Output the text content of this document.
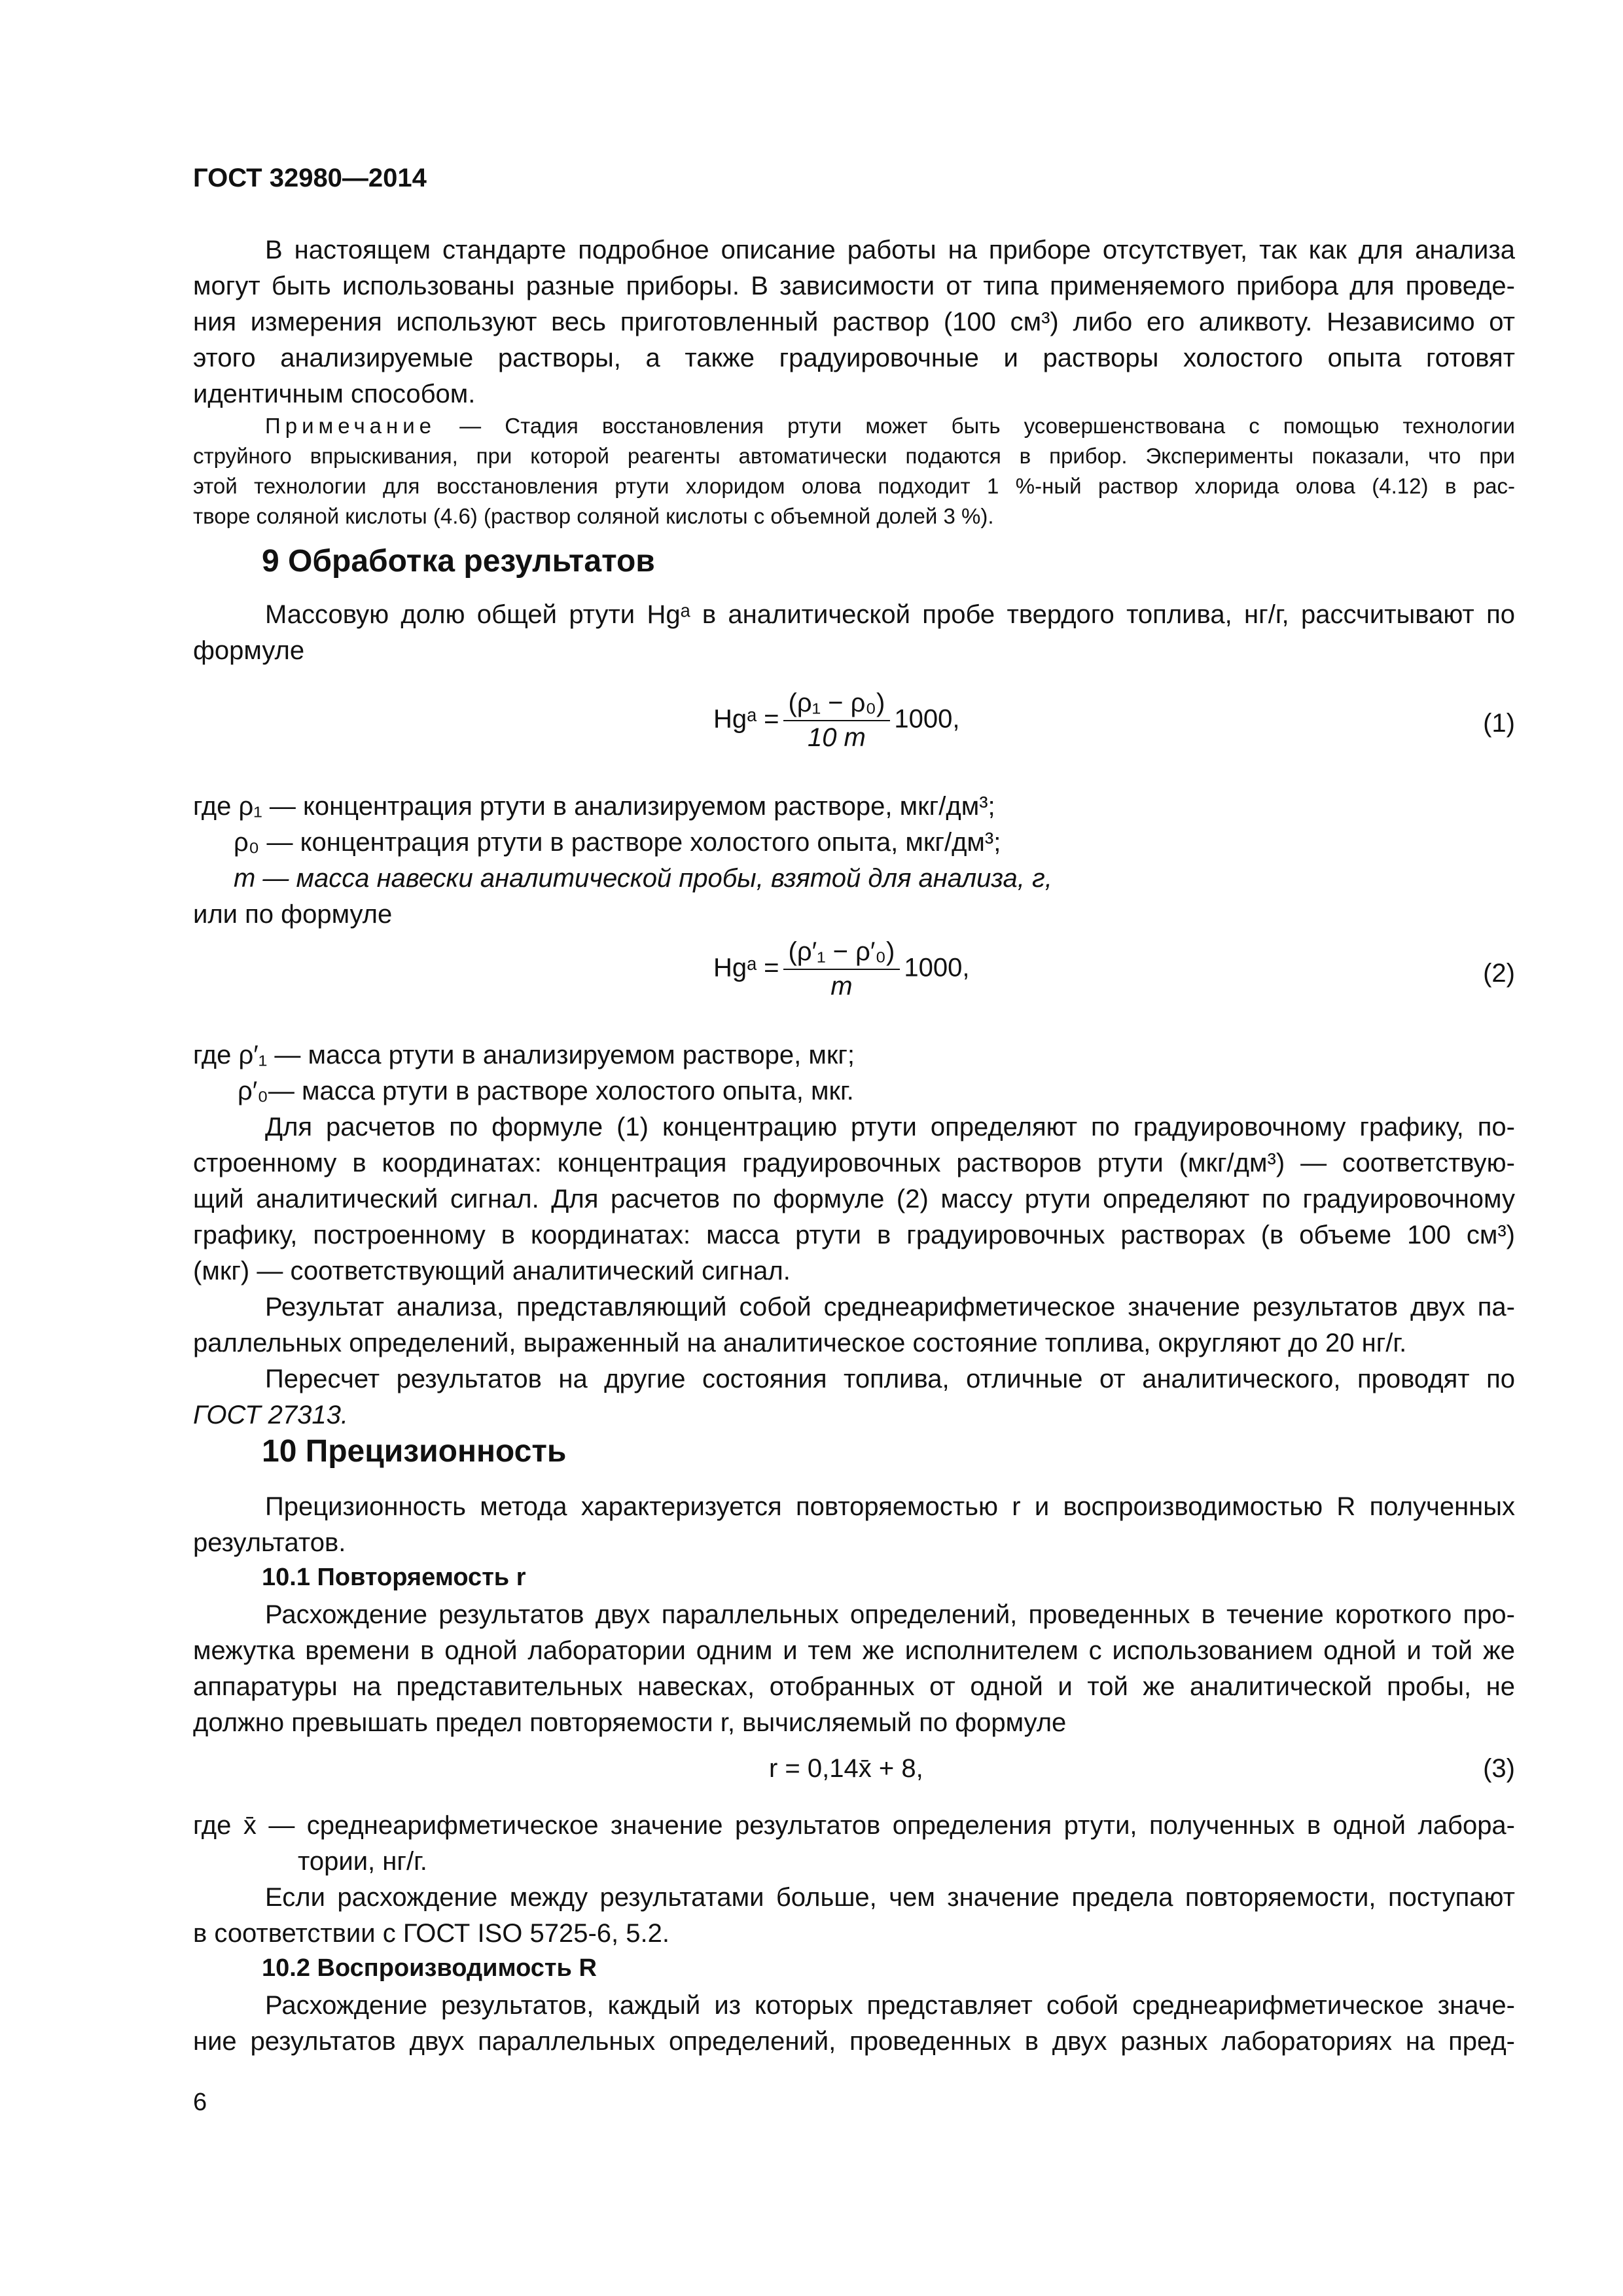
ГОСТ 32980—2014
В настоящем стандарте подробное описание работы на приборе отсутствует, так как для анализа
могут быть использованы разные приборы. В зависимости от типа применяемого прибора для проведе-
ния измерения используют весь приготовленный раствор (100 см³) либо его аликвоту. Независимо от
этого анализируемые растворы, а также градуировочные и растворы холостого опыта готовят
идентичным способом.
Примечание — Стадия восстановления ртути может быть усовершенствована с помощью технологии
струйного впрыскивания, при которой реагенты автоматически подаются в прибор. Эксперименты показали, что при
этой технологии для восстановления ртути хлоридом олова подходит 1 %-ный раствор хлорида олова (4.12) в рас-
творе соляной кислоты (4.6) (раствор соляной кислоты с объемной долей 3 %).
9 Обработка результатов
Массовую долю общей ртути Hgᵃ в аналитической пробе твердого топлива, нг/г, рассчитывают по
формуле
Hgᵃ = $\frac{\text{(ρ₁ − ρ₀)}}{10 m} 1000$,	(1)
где ρ₁ — концентрация ртути в анализируемом растворе, мкг/дм³;
ρ₀ — концентрация ртути в растворе холостого опыта, мкг/дм³;
m — масса навески аналитической пробы, взятой для анализа, г,
или по формуле
Hgᵃ = $\frac{\text{(ρ′₁ − ρ′₀)}}{m} 1000$,	(2)
где ρ′₁ — масса ртути в анализируемом растворе, мкг;
ρ′₀— масса ртути в растворе холостого опыта, мкг.
Для расчетов по формуле (1) концентрацию ртути определяют по градуировочному графику, по-
строенному в координатах: концентрация градуировочных растворов ртути (мкг/дм³) — соответствую-
щий аналитический сигнал. Для расчетов по формуле (2) массу ртути определяют по градуировочному
графику, построенному в координатах: масса ртути в градуировочных растворах (в объеме 100 см³)
(мкг) — соответствующий аналитический сигнал.
Результат анализа, представляющий собой среднеарифметическое значение результатов двух па-
раллельных определений, выраженный на аналитическое состояние топлива, округляют до 20 нг/г.
Пересчет результатов на другие состояния топлива, отличные от аналитического, проводят по
ГОСТ 27313.
10 Прецизионность
Прецизионность метода характеризуется повторяемостью r и воспроизводимостью R полученных
результатов.
10.1 Повторяемость r
Расхождение результатов двух параллельных определений, проведенных в течение короткого про-
межутка времени в одной лаборатории одним и тем же исполнителем с использованием одной и той же
аппаратуры на представительных навесках, отобранных от одной и той же аналитической пробы, не
должно превышать предел повторяемости r, вычисляемый по формуле
r = 0,14x̄ + 8,	(3)
где x̄ — среднеарифметическое значение результатов определения ртути, полученных в одной лабора-
тории, нг/г.
Если расхождение между результатами больше, чем значение предела повторяемости, поступают
в соответствии с ГОСТ ISO 5725-6, 5.2.
10.2 Воспроизводимость R
Расхождение результатов, каждый из которых представляет собой среднеарифметическое значе-
ние результатов двух параллельных определений, проведенных в двух разных лабораториях на пред-
6
